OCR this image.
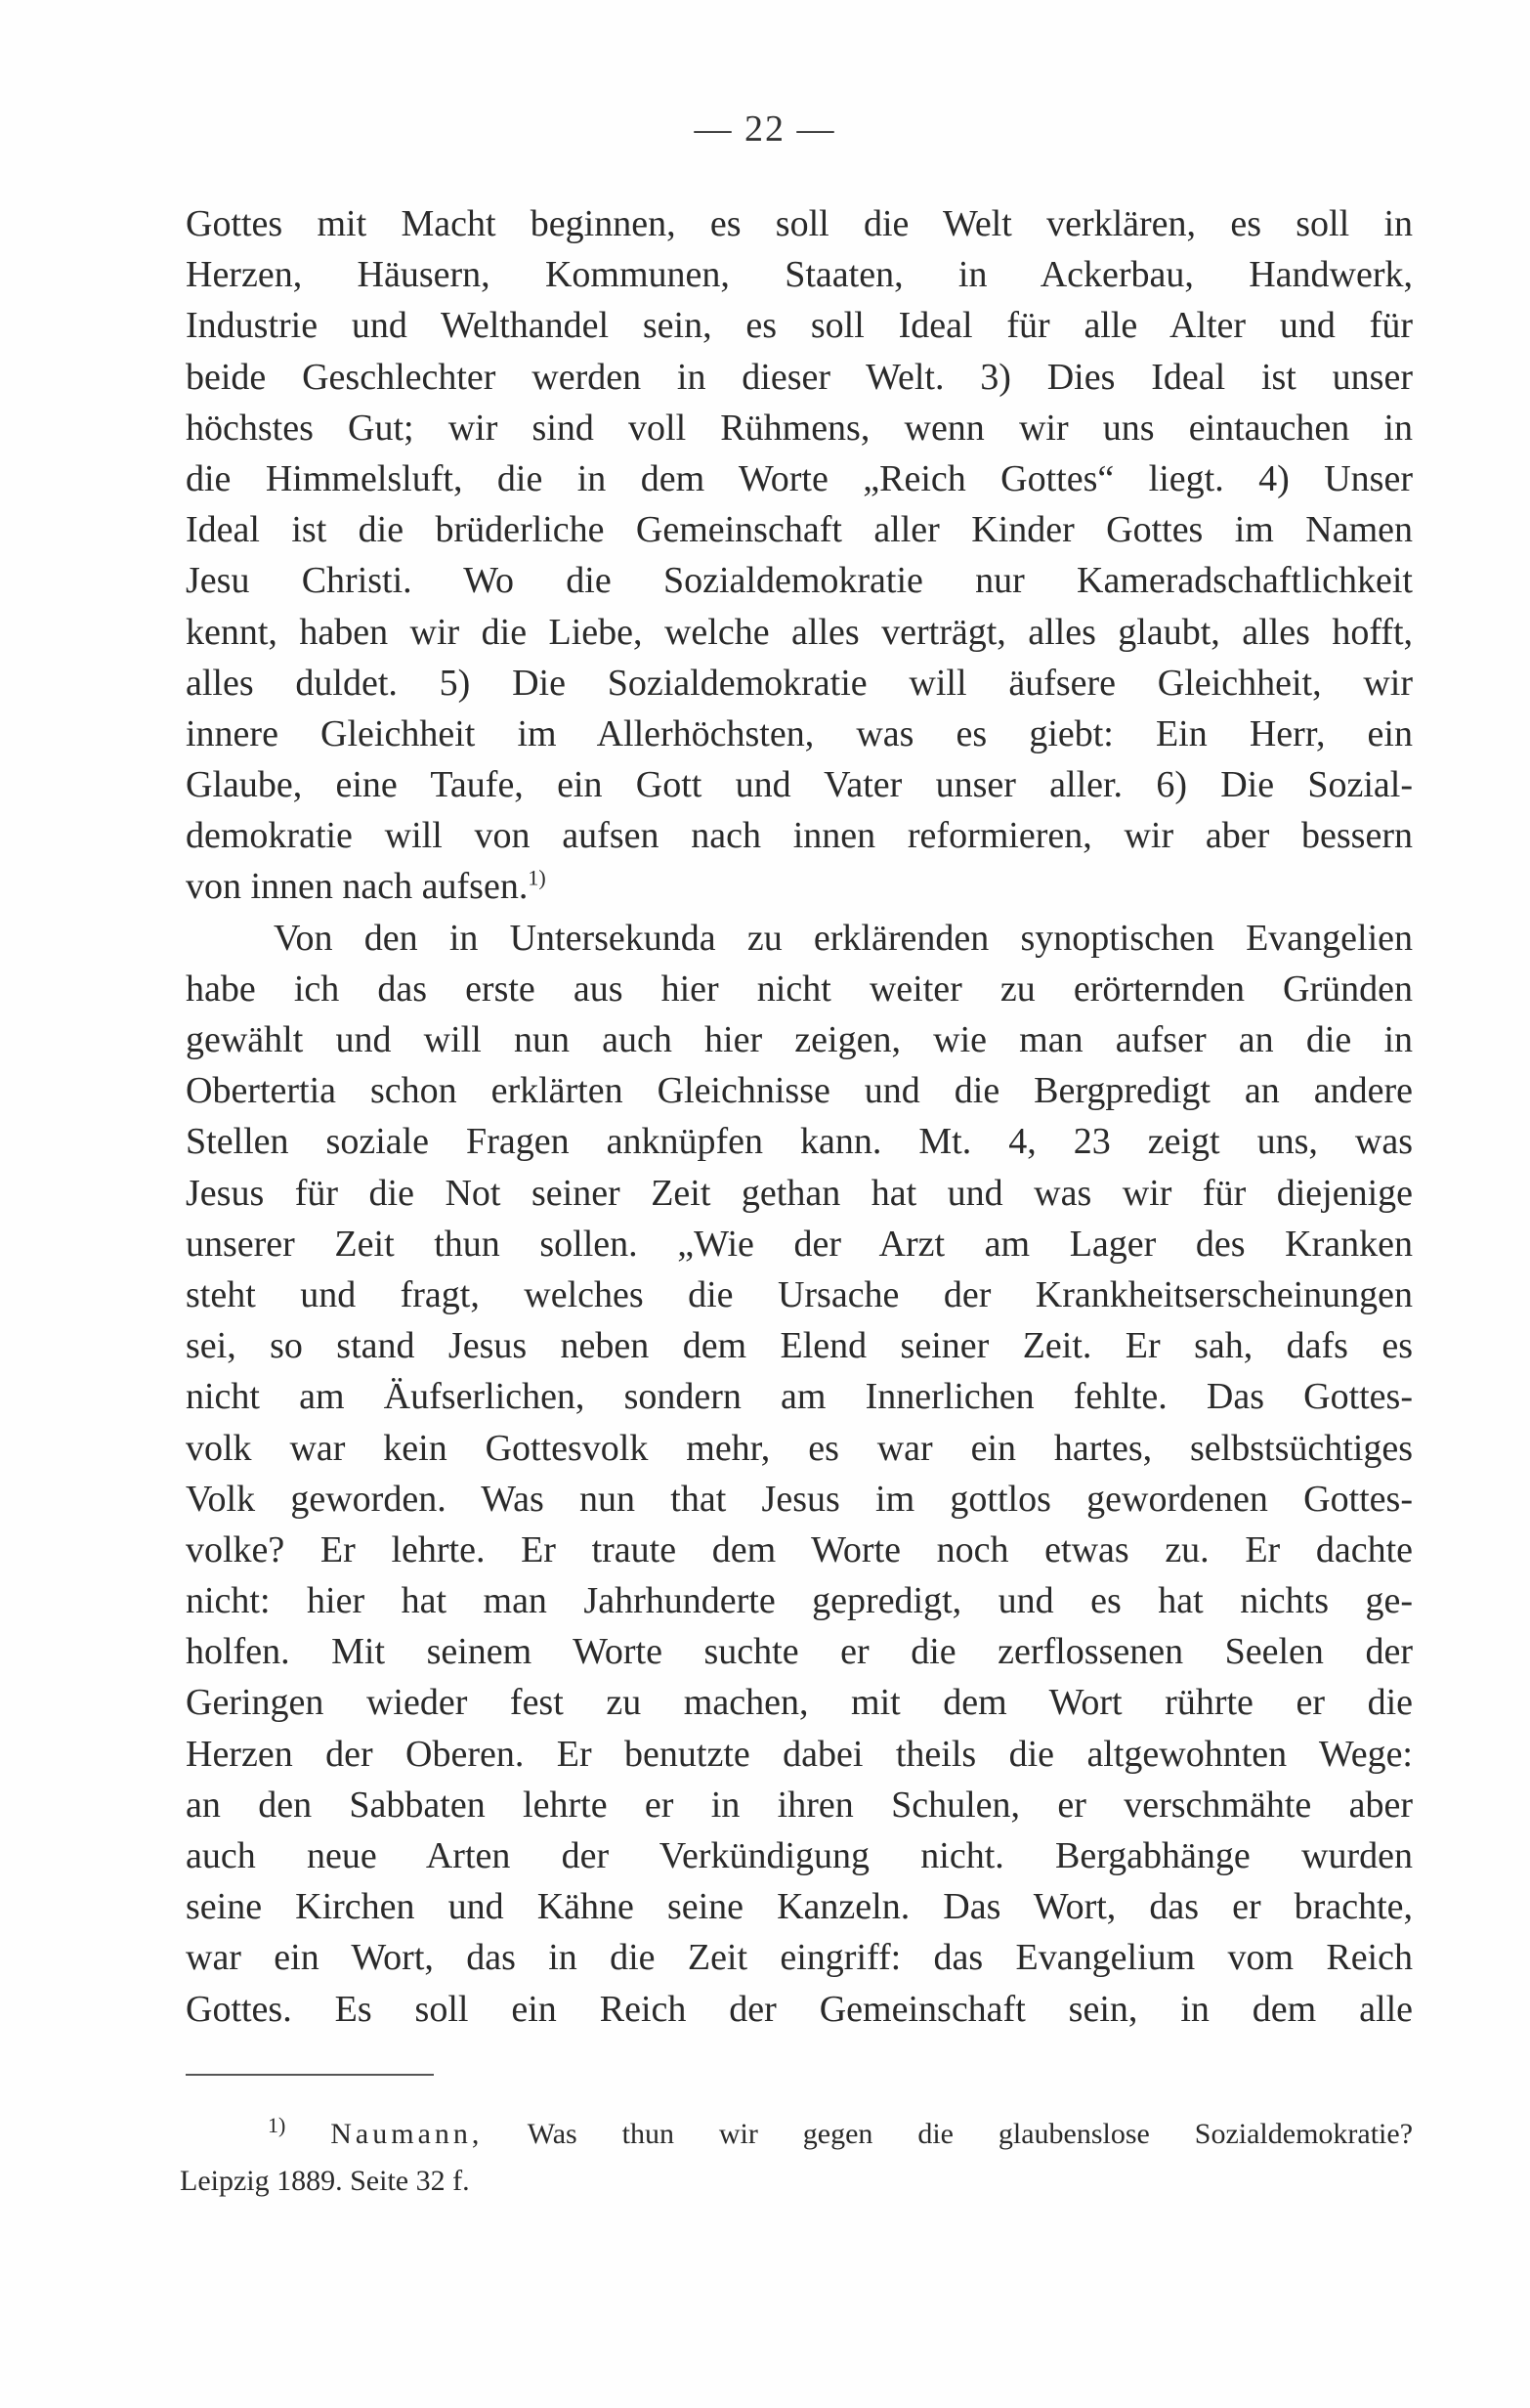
— 22 —
Gottes mit Macht beginnen, es soll die Welt verklären, es soll in
Herzen, Häusern, Kommunen, Staaten, in Ackerbau, Handwerk,
Industrie und Welthandel sein, es soll Ideal für alle Alter und für
beide Geschlechter werden in dieser Welt. 3) Dies Ideal ist unser
höchstes Gut; wir sind voll Rühmens, wenn wir uns eintauchen in
die Himmelsluft, die in dem Worte „Reich Gottes“ liegt. 4) Unser
Ideal ist die brüderliche Gemeinschaft aller Kinder Gottes im Namen
Jesu Christi. Wo die Sozialdemokratie nur Kameradschaftlichkeit
kennt, haben wir die Liebe, welche alles verträgt, alles glaubt, alles hofft,
alles duldet. 5) Die Sozialdemokratie will äufsere Gleichheit, wir
innere Gleichheit im Allerhöchsten, was es giebt: Ein Herr, ein
Glaube, eine Taufe, ein Gott und Vater unser aller. 6) Die Sozial-
demokratie will von aufsen nach innen reformieren, wir aber bessern
von innen nach aufsen.$^{1)}$
Von den in Untersekunda zu erklärenden synoptischen Evangelien
habe ich das erste aus hier nicht weiter zu erörternden Gründen
gewählt und will nun auch hier zeigen, wie man aufser an die in
Obertertia schon erklärten Gleichnisse und die Bergpredigt an andere
Stellen soziale Fragen anknüpfen kann. Mt. 4, 23 zeigt uns, was
Jesus für die Not seiner Zeit gethan hat und was wir für diejenige
unserer Zeit thun sollen. „Wie der Arzt am Lager des Kranken
steht und fragt, welches die Ursache der Krankheitserscheinungen
sei, so stand Jesus neben dem Elend seiner Zeit. Er sah, dafs es
nicht am Äufserlichen, sondern am Innerlichen fehlte. Das Gottes-
volk war kein Gottesvolk mehr, es war ein hartes, selbstsüchtiges
Volk geworden. Was nun that Jesus im gottlos gewordenen Gottes-
volke? Er lehrte. Er traute dem Worte noch etwas zu. Er dachte
nicht: hier hat man Jahrhunderte gepredigt, und es hat nichts ge-
holfen. Mit seinem Worte suchte er die zerflossenen Seelen der
Geringen wieder fest zu machen, mit dem Wort rührte er die
Herzen der Oberen. Er benutzte dabei theils die altgewohnten Wege:
an den Sabbaten lehrte er in ihren Schulen, er verschmähte aber
auch neue Arten der Verkündigung nicht. Bergabhänge wurden
seine Kirchen und Kähne seine Kanzeln. Das Wort, das er brachte,
war ein Wort, das in die Zeit eingriff: das Evangelium vom Reich
Gottes. Es soll ein Reich der Gemeinschaft sein, in dem alle
$^{1)}$ Naumann, Was thun wir gegen die glaubenslose Sozialdemokratie?
Leipzig 1889. Seite 32 f.
